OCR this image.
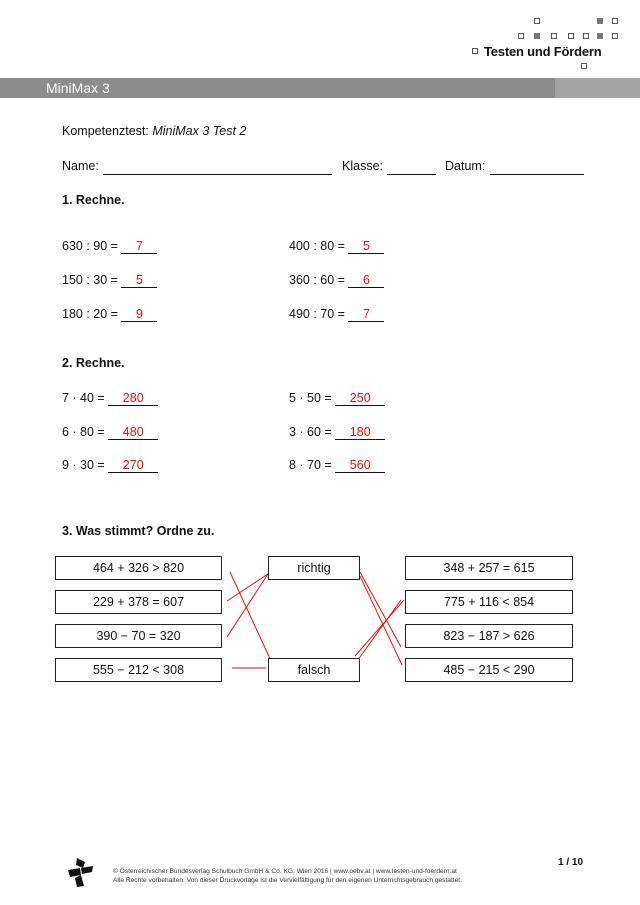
Testen und Fördern
MiniMax 3
Kompetenztest: MiniMax 3 Test 2
Name:	Klasse:	Datum:
1. Rechne.
630 : 90 = 7	400 : 80 = 5
150 : 30 = 5	360 : 60 = 6
180 : 20 = 9	490 : 70 = 7
2. Rechne.
7 · 40 = 280	5 · 50 = 250
6 · 80 = 480	3 · 60 = 180
9 · 30 = 270	8 · 70 = 560
3. Was stimmt? Ordne zu.
464 + 326 > 820
229 + 378 = 607
390 − 70 = 320
555 − 212 < 308
richtig
falsch
348 + 257 = 615
775 + 116 < 854
823 − 187 > 626
485 − 215 < 290
© Österreichischer Bundesverlag Schulbuch GmbH & Co. KG, Wien 2016 | www.oebv.at | www.testen-und-foerdern.at
Alle Rechte vorbehalten. Von dieser Druckvorlage ist die Vervielfältigung für den eigenen Unterrichtsgebrauch gestattet.
1 / 10
